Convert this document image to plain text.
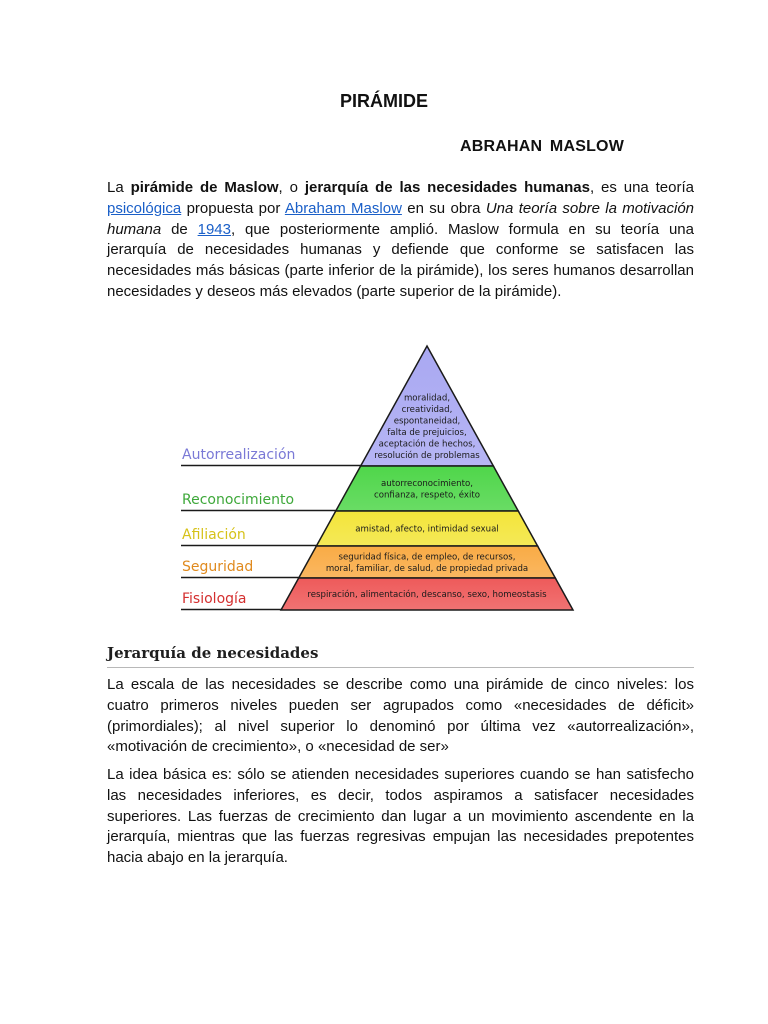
PIRÁMIDE
ABRAHAN MASLOW

La pirámide de Maslow, o jerarquía de las necesidades humanas, es una teoría psicológica propuesta por Abraham Maslow en su obra Una teoría sobre la motivación humana de 1943, que posteriormente amplió. Maslow formula en su teoría una jerarquía de necesidades humanas y defiende que conforme se satisfacen las necesidades más básicas (parte inferior de la pirámide), los seres humanos desarrollan necesidades y deseos más elevados (parte superior de la pirámide).

moralidad,
creatividad,
espontaneidad,
falta de prejuicios,
aceptación de hechos,
resolución de problemas
autorreconocimiento,
confianza, respeto, éxito
amistad, afecto, intimidad sexual
seguridad física, de empleo, de recursos,
moral, familiar, de salud, de propiedad privada
respiración, alimentación, descanso, sexo, homeostasis
Autorrealización
Reconocimiento
Afiliación
Seguridad
Fisiología
Jerarquía de necesidades

La escala de las necesidades se describe como una pirámide de cinco niveles: los cuatro primeros niveles pueden ser agrupados como «necesidades de déficit» (primordiales); al nivel superior lo denominó por última vez «autorrealización», «motivación de crecimiento», o «necesidad de ser»

La idea básica es: sólo se atienden necesidades superiores cuando se han satisfecho las necesidades inferiores, es decir, todos aspiramos a satisfacer necesidades superiores. Las fuerzas de crecimiento dan lugar a un movimiento ascendente en la jerarquía, mientras que las fuerzas regresivas empujan las necesidades prepotentes hacia abajo en la jerarquía.
